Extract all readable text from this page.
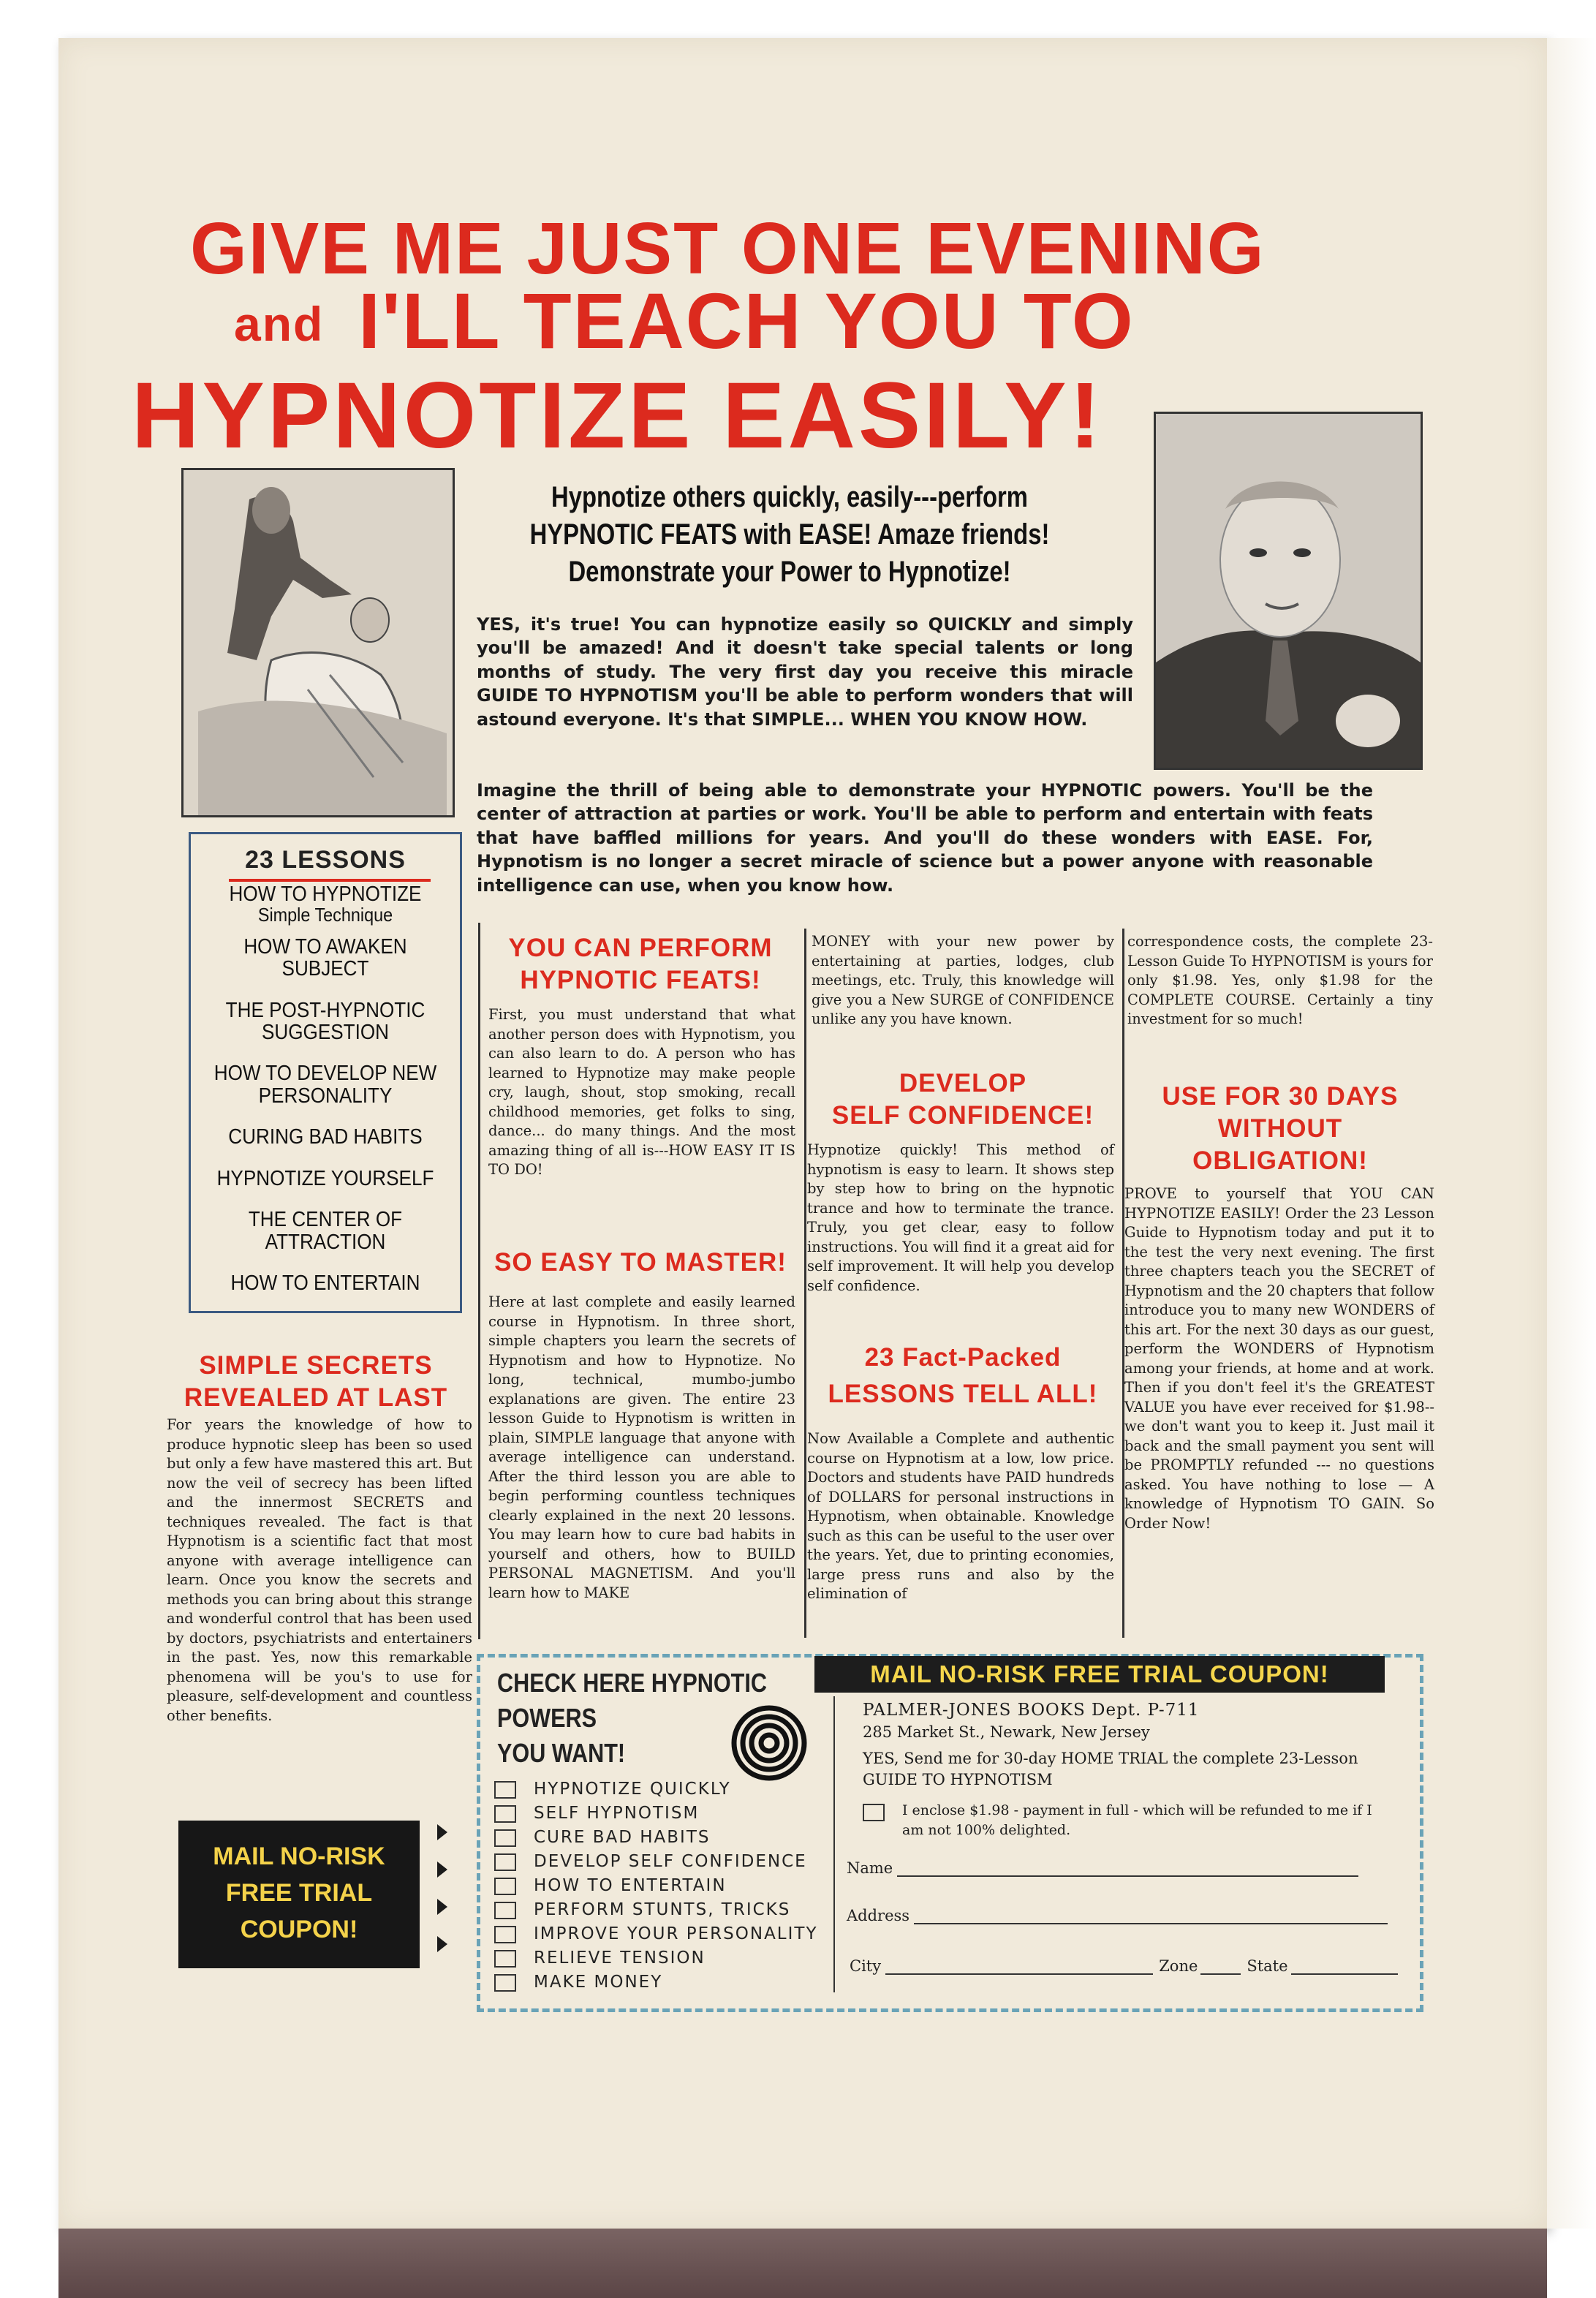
GIVE ME JUST ONE EVENING
and I'LL TEACH YOU TO
HYPNOTIZE EASILY!
Hypnotize others quickly, easily---perform
HYPNOTIC FEATS with EASE! Amaze friends!
Demonstrate your Power to Hypnotize!
YES, it's true! You can hypnotize easily so QUICKLY and simply you'll be amazed! And it doesn't take special talents or long months of study. The very first day you receive this miracle GUIDE TO HYPNOTISM you'll be able to perform wonders that will astound everyone. It's that SIMPLE... WHEN YOU KNOW HOW.
Imagine the thrill of being able to demonstrate your HYPNOTIC powers. You'll be the center of attraction at parties or work. You'll be able to perform and entertain with feats that have baffled millions for years. And you'll do these wonders with EASE. For, Hypnotism is no longer a secret miracle of science but a power anyone with reasonable intelligence can use, when you know how.
23 LESSONS
HOW TO HYPNOTIZE
Simple Technique
HOW TO AWAKEN SUBJECT
THE POST-HYPNOTIC
SUGGESTION
HOW TO DEVELOP NEW
PERSONALITY
CURING BAD HABITS
HYPNOTIZE YOURSELF
THE CENTER OF
ATTRACTION
HOW TO ENTERTAIN
SIMPLE SECRETS
REVEALED AT LAST
For years the knowledge of how to produce hypnotic sleep has been so used but only a few have mastered this art. But now the veil of secrecy has been lifted and the innermost SECRETS and techniques revealed. The fact is that Hypnotism is a scientific fact that most anyone with average intelligence can learn. Once you know the secrets and methods you can bring about this strange and wonderful control that has been used by doctors, psychiatrists and entertainers in the past. Yes, now this remarkable phenomena will be you's to use for pleasure, self-development and countless other benefits.
YOU CAN PERFORM
HYPNOTIC FEATS!
First, you must understand that what another person does with Hypnotism, you can also learn to do. A person who has learned to Hypnotize may make people cry, laugh, shout, stop smoking, recall childhood memories, get folks to sing, dance... do many things. And the most amazing thing of all is---HOW EASY IT IS TO DO!
SO EASY TO MASTER!
Here at last complete and easily learned course in Hypnotism. In three short, simple chapters you learn the secrets of Hypnotism and how to Hypnotize. No long, technical, mumbo-jumbo explanations are given. The entire 23 lesson Guide to Hypnotism is written in plain, SIMPLE language that anyone with average intelligence can understand. After the third lesson you are able to begin performing countless techniques clearly explained in the next 20 lessons. You may learn how to cure bad habits in yourself and others, how to BUILD PERSONAL MAGNETISM. And you'll learn how to MAKE
MONEY with your new power by entertaining at parties, lodges, club meetings, etc. Truly, this knowledge will give you a New SURGE of CONFIDENCE unlike any you have known.
DEVELOP
SELF CONFIDENCE!
Hypnotize quickly! This method of hypnotism is easy to learn. It shows step by step how to bring on the hypnotic trance and how to terminate the trance. Truly, you get clear, easy to follow instructions. You will find it a great aid for self improvement. It will help you develop self confidence.
23 Fact-Packed
LESSONS TELL ALL!
Now Available a Complete and authentic course on Hypnotism at a low, low price. Doctors and students have PAID hundreds of DOLLARS for personal instructions in Hypnotism, when obtainable. Knowledge such as this can be useful to the user over the years. Yet, due to printing economies, large press runs and also by the elimination of
correspondence costs, the complete 23-Lesson Guide To HYPNOTISM is yours for only $1.98. Yes, only $1.98 for the COMPLETE COURSE. Certainly a tiny investment for so much!
USE FOR 30 DAYS
WITHOUT
OBLIGATION!
PROVE to yourself that YOU CAN HYPNOTIZE EASILY! Order the 23 Lesson Guide to Hypnotism today and put it to the test the very next evening. The first three chapters teach you the SECRET of Hypnotism and the 20 chapters that follow introduce you to many new WONDERS of this art. For the next 30 days as our guest, perform the WONDERS of Hypnotism among your friends, at home and at work. Then if you don't feel it's the GREATEST VALUE you have ever received for $1.98--we don't want you to keep it. Just mail it back and the small payment you sent will be PROMPTLY refunded --- no questions asked. You have nothing to lose — A knowledge of Hypnotism TO GAIN. So Order Now!
MAIL NO-RISK
FREE TRIAL
COUPON!
MAIL NO-RISK FREE TRIAL COUPON!
CHECK HERE HYPNOTIC
POWERS
YOU WANT!
HYPNOTIZE QUICKLY
SELF HYPNOTISM
CURE BAD HABITS
DEVELOP SELF CONFIDENCE
HOW TO ENTERTAIN
PERFORM STUNTS, TRICKS
IMPROVE YOUR PERSONALITY
RELIEVE TENSION
MAKE MONEY
PALMER-JONES BOOKS Dept. P-711
285 Market St., Newark, New Jersey
YES, Send me for 30-day HOME TRIAL the complete 23-Lesson GUIDE TO HYPNOTISM
I enclose $1.98 - payment in full - which will be refunded to me if I am not 100% delighted.
Name
Address
City	Zone	State
